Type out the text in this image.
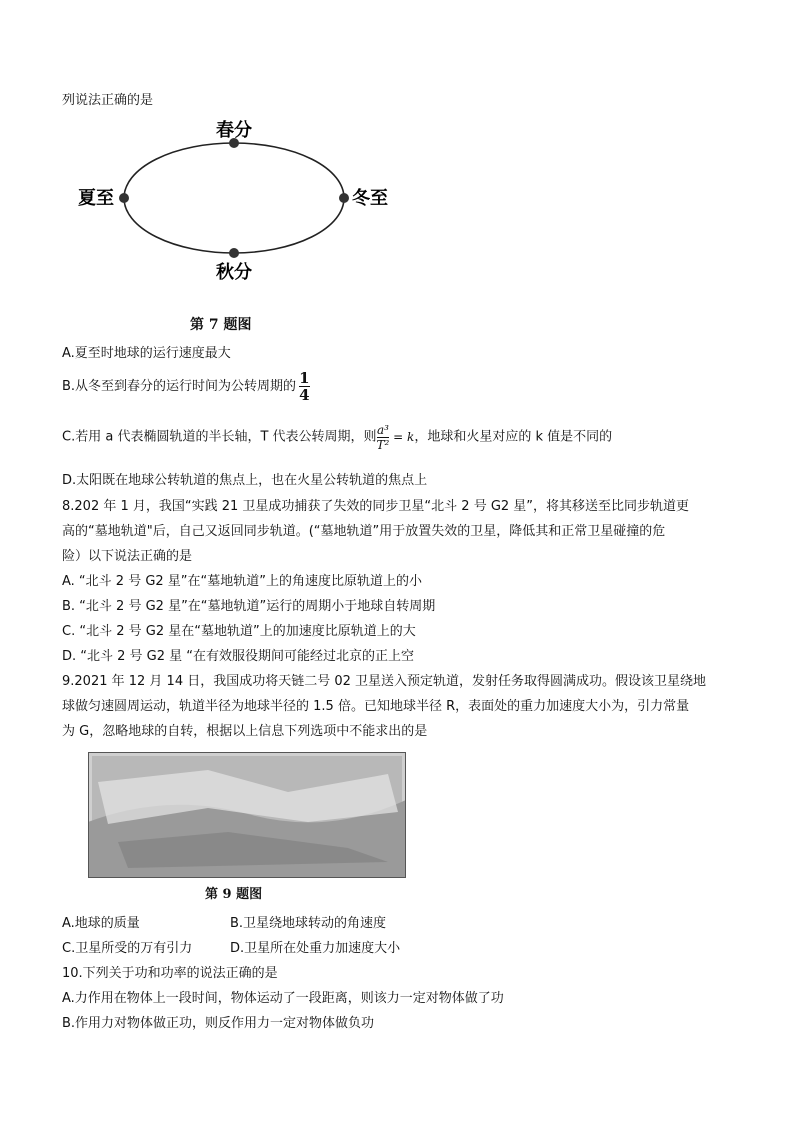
列说法正确的是
春分
夏至	冬至
秋分
第 7 题图
A.夏至时地球的运行速度最大
B.从冬至到春分的运行时间为公转周期的 $\frac{1}{4}$
C.若用 a 代表椭圆轨道的半长轴，T 代表公转周期，则 $\frac{\text{a³}}{\text{T²}} = k$，地球和火星对应的 k 值是不同的
D.太阳既在地球公转轨道的焦点上，也在火星公转轨道的焦点上
8.202 年 1 月，我国“实践 21 卫星成功捕获了失效的同步卫星“北斗 2 号 G2 星”，将其移送至比同步轨道更
高的“墓地轨道"后，自己又返回同步轨道。(“墓地轨道”用于放置失效的卫星，降低其和正常卫星碰撞的危
险）以下说法正确的是
A. “北斗 2 号 G2 星”在“墓地轨道”上的角速度比原轨道上的小
B. “北斗 2 号 G2 星”在“墓地轨道”运行的周期小于地球自转周期
C. “北斗 2 号 G2 星在“墓地轨道”上的加速度比原轨道上的大
D. “北斗 2 号 G2 星 “在有效服役期间可能经过北京的正上空
9.2021 年 12 月 14 日，我国成功将天链二号 02 卫星送入预定轨道，发射任务取得圆满成功。假设该卫星绕地
球做匀速圆周运动，轨道半径为地球半径的 1.5 倍。已知地球半径 R，表面处的重力加速度大小为，引力常量
为 G，忽略地球的自转，根据以上信息下列选项中不能求出的是
第 9 题图
A.地球的质量	B.卫星绕地球转动的角速度
C.卫星所受的万有引力	D.卫星所在处重力加速度大小
10.下列关于功和功率的说法正确的是
A.力作用在物体上一段时间，物体运动了一段距离，则该力一定对物体做了功
B.作用力对物体做正功，则反作用力一定对物体做负功
